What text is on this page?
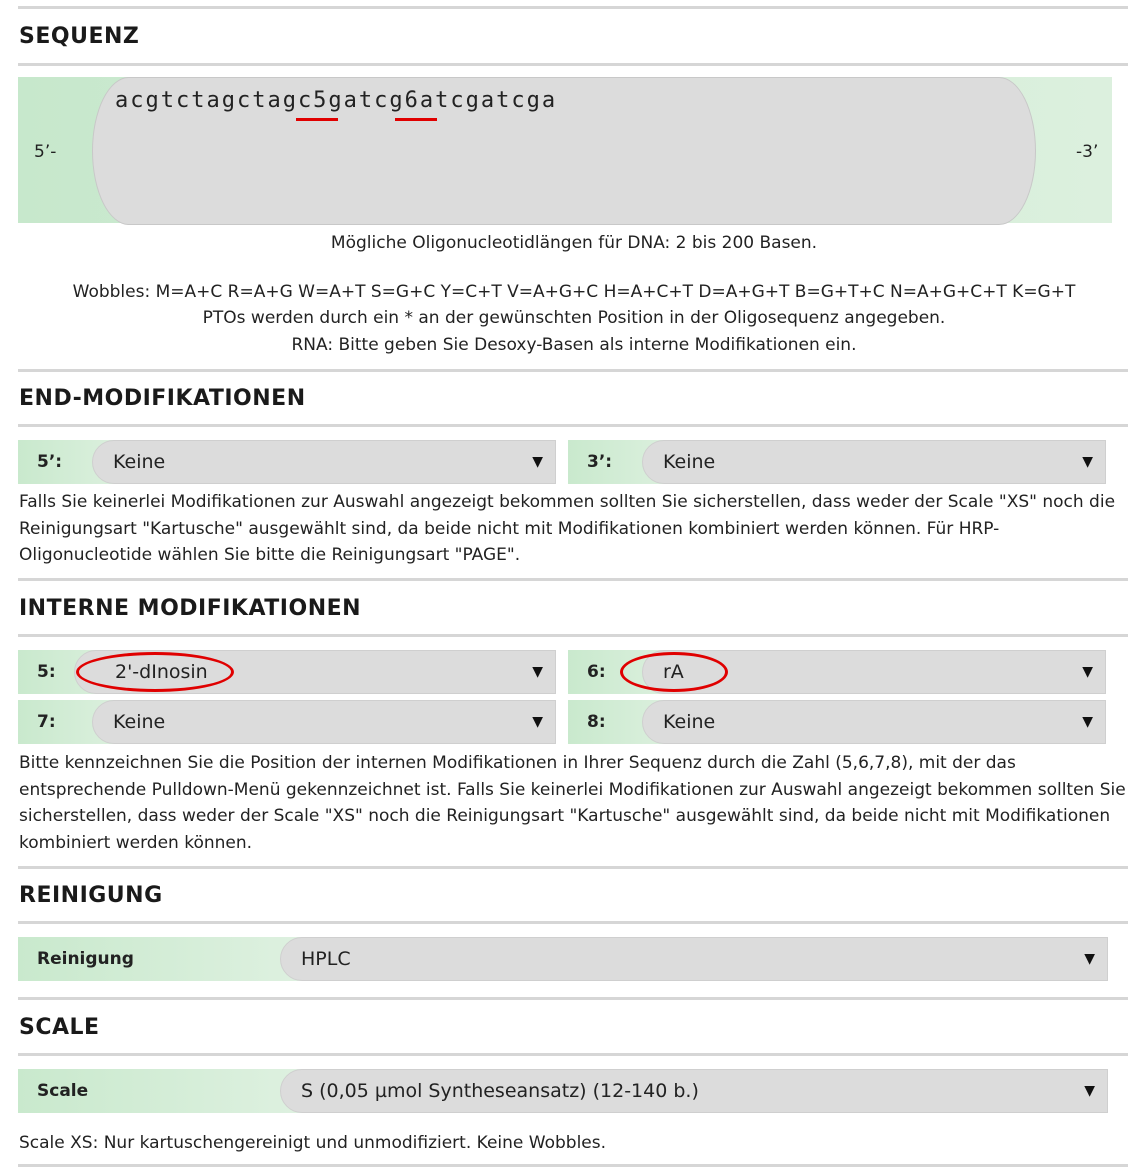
SEQUENZ
acgtctagctagc5gatcg6atcgatcga
5’-	-3’
Mögliche Oligonucleotidlängen für DNA: 2 bis 200 Basen.
Wobbles: M=A+C R=A+G W=A+T S=G+C Y=C+T V=A+G+C H=A+C+T D=A+G+T B=G+T+C N=A+G+C+T K=G+T
PTOs werden durch ein * an der gewünschten Position in der Oligosequenz angegeben.
RNA: Bitte geben Sie Desoxy-Basen als interne Modifikationen ein.
END-MODIFIKATIONEN
5’:	Keine	▼	3’:	Keine	▼
Falls Sie keinerlei Modifikationen zur Auswahl angezeigt bekommen sollten Sie sicherstellen, dass weder der Scale "XS" noch die Reinigungsart "Kartusche" ausgewählt sind, da beide nicht mit Modifikationen kombiniert werden können. Für HRP-Oligonucleotide wählen Sie bitte die Reinigungsart "PAGE".
INTERNE MODIFIKATIONEN
5:	2'-dInosin	▼	6:	rA	▼
7:	Keine	▼	8:	Keine	▼
Bitte kennzeichnen Sie die Position der internen Modifikationen in Ihrer Sequenz durch die Zahl (5,6,7,8), mit der das entsprechende Pulldown-Menü gekennzeichnet ist. Falls Sie keinerlei Modifikationen zur Auswahl angezeigt bekommen sollten Sie sicherstellen, dass weder der Scale "XS" noch die Reinigungsart "Kartusche" ausgewählt sind, da beide nicht mit Modifikationen kombiniert werden können.
REINIGUNG
Reinigung	HPLC	▼
SCALE
Scale	S (0,05 µmol Syntheseansatz) (12-140 b.)	▼
Scale XS: Nur kartuschengereinigt und unmodifiziert. Keine Wobbles.
